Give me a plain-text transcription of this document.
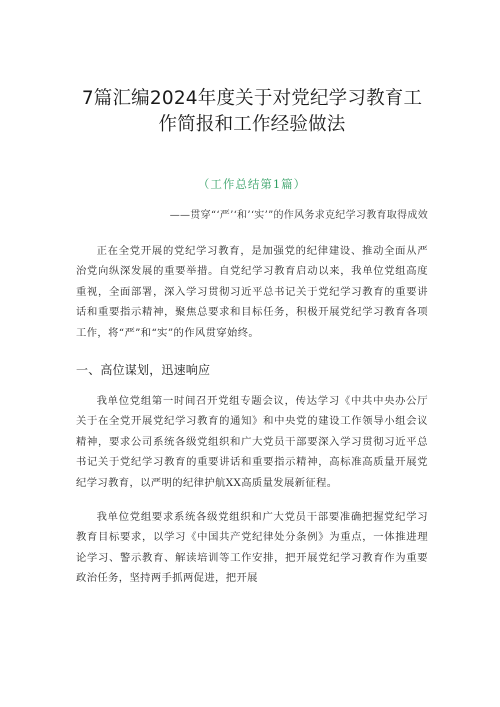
7篇汇编2024年度关于对党纪学习教育工
作简报和工作经验做法
（工作总结第1篇）
——贯穿“‘严’‘和’‘实’”的作风务求克纪学习教育取得成效

正在全党开展的党纪学习教育，是加强党的纪律建设、推动全面从严治党向纵深发展的重要举措。自党纪学习教育启动以来，我单位党组高度重视，全面部署，深入学习贯彻习近平总书记关于党纪学习教育的重要讲话和重要指示精神，聚焦总要求和目标任务，积极开展党纪学习教育各项工作，将“严”和“实”的作风贯穿始终。

一、高位谋划，迅速响应

我单位党组第一时间召开党组专题会议，传达学习《中共中央办公厅关于在全党开展党纪学习教育的通知》和中央党的建设工作领导小组会议精神，要求公司系统各级党组织和广大党员干部要深入学习贯彻习近平总书记关于党纪学习教育的重要讲话和重要指示精神，高标准高质量开展党纪学习教育，以严明的纪律护航XX高质量发展新征程。

我单位党组要求系统各级党组织和广大党员干部要准确把握党纪学习教育目标要求，以学习《中国共产党纪律处分条例》为重点，一体推进理论学习、警示教育、解读培训等工作安排，把开展党纪学习教育作为重要政治任务，坚持两手抓两促进，把开展
